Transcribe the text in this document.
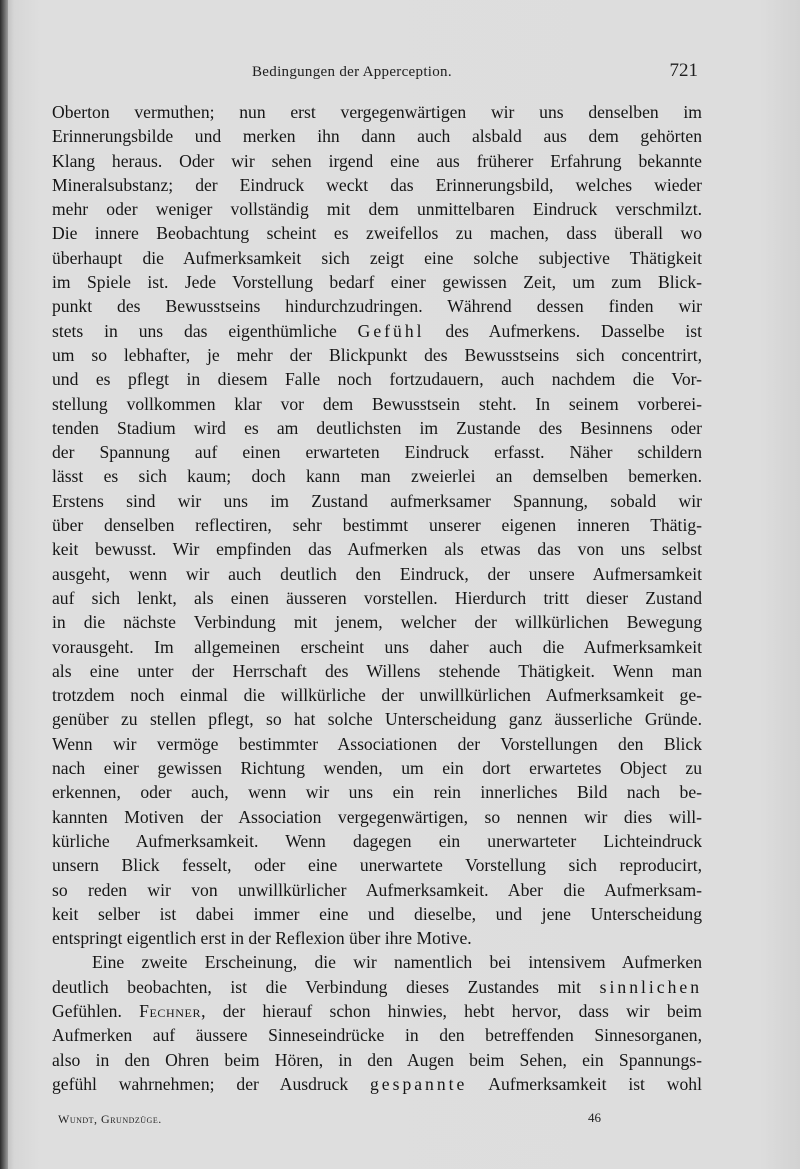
Bedingungen der Apperception.	721
Oberton vermuthen; nun erst vergegenwärtigen wir uns denselben im
Erinnerungsbilde und merken ihn dann auch alsbald aus dem gehörten
Klang heraus. Oder wir sehen irgend eine aus früherer Erfahrung bekannte
Mineralsubstanz; der Eindruck weckt das Erinnerungsbild, welches wieder
mehr oder weniger vollständig mit dem unmittelbaren Eindruck verschmilzt.
Die innere Beobachtung scheint es zweifellos zu machen, dass überall wo
überhaupt die Aufmerksamkeit sich zeigt eine solche subjective Thätigkeit
im Spiele ist. Jede Vorstellung bedarf einer gewissen Zeit, um zum Blick-
punkt des Bewusstseins hindurchzudringen. Während dessen finden wir
stets in uns das eigenthümliche Gefühl des Aufmerkens. Dasselbe ist
um so lebhafter, je mehr der Blickpunkt des Bewusstseins sich concentrirt,
und es pflegt in diesem Falle noch fortzudauern, auch nachdem die Vor-
stellung vollkommen klar vor dem Bewusstsein steht. In seinem vorberei-
tenden Stadium wird es am deutlichsten im Zustande des Besinnens oder
der Spannung auf einen erwarteten Eindruck erfasst. Näher schildern
lässt es sich kaum; doch kann man zweierlei an demselben bemerken.
Erstens sind wir uns im Zustand aufmerksamer Spannung, sobald wir
über denselben reflectiren, sehr bestimmt unserer eigenen inneren Thätig-
keit bewusst. Wir empfinden das Aufmerken als etwas das von uns selbst
ausgeht, wenn wir auch deutlich den Eindruck, der unsere Aufmersamkeit
auf sich lenkt, als einen äusseren vorstellen. Hierdurch tritt dieser Zustand
in die nächste Verbindung mit jenem, welcher der willkürlichen Bewegung
vorausgeht. Im allgemeinen erscheint uns daher auch die Aufmerksamkeit
als eine unter der Herrschaft des Willens stehende Thätigkeit. Wenn man
trotzdem noch einmal die willkürliche der unwillkürlichen Aufmerksamkeit ge-
genüber zu stellen pflegt, so hat solche Unterscheidung ganz äusserliche Gründe.
Wenn wir vermöge bestimmter Associationen der Vorstellungen den Blick
nach einer gewissen Richtung wenden, um ein dort erwartetes Object zu
erkennen, oder auch, wenn wir uns ein rein innerliches Bild nach be-
kannten Motiven der Association vergegenwärtigen, so nennen wir dies will-
kürliche Aufmerksamkeit. Wenn dagegen ein unerwarteter Lichteindruck
unsern Blick fesselt, oder eine unerwartete Vorstellung sich reproducirt,
so reden wir von unwillkürlicher Aufmerksamkeit. Aber die Aufmerksam-
keit selber ist dabei immer eine und dieselbe, und jene Unterscheidung
entspringt eigentlich erst in der Reflexion über ihre Motive.
Eine zweite Erscheinung, die wir namentlich bei intensivem Aufmerken
deutlich beobachten, ist die Verbindung dieses Zustandes mit sinnlichen
Gefühlen. Fechner, der hierauf schon hinwies, hebt hervor, dass wir beim
Aufmerken auf äussere Sinneseindrücke in den betreffenden Sinnesorganen,
also in den Ohren beim Hören, in den Augen beim Sehen, ein Spannungs-
gefühl wahrnehmen; der Ausdruck gespannte Aufmerksamkeit ist wohl
Wundt, Grundzüge.	46
